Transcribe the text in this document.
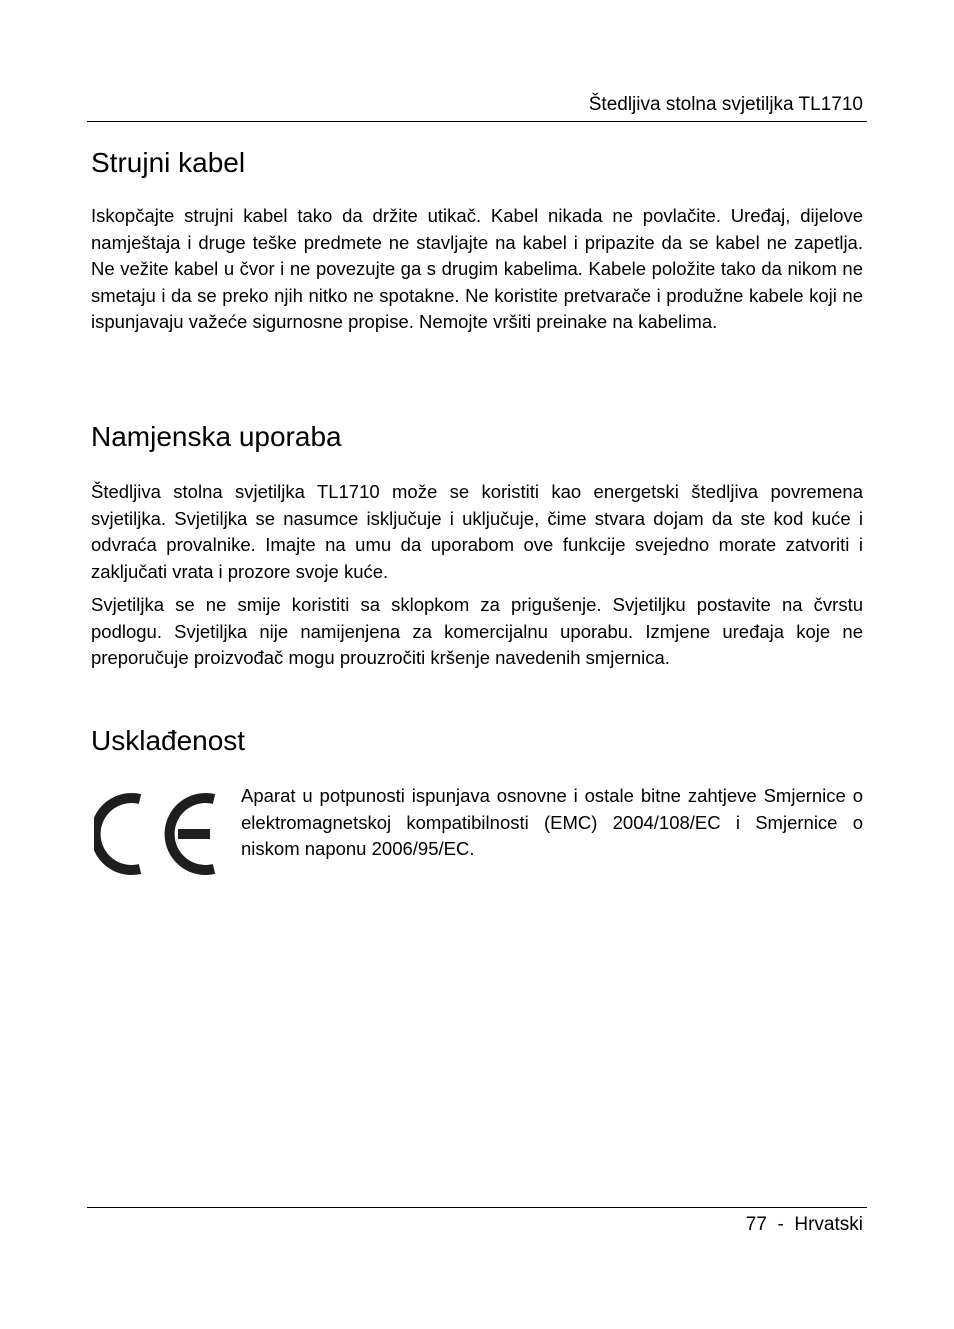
Štedljiva stolna svjetiljka TL1710
Strujni kabel

Iskopčajte strujni kabel tako da držite utikač. Kabel nikada ne povlačite. Uređaj, dijelove namještaja i druge teške predmete ne stavljajte na kabel i pripazite da se kabel ne zapetlja. Ne vežite kabel u čvor i ne povezujte ga s drugim kabelima. Kabele položite tako da nikom ne smetaju i da se preko njih nitko ne spotakne. Ne koristite pretvarače i produžne kabele koji ne ispunjavaju važeće sigurnosne propise. Nemojte vršiti preinake na kabelima.

Namjenska uporaba

Štedljiva stolna svjetiljka TL1710 može se koristiti kao energetski štedljiva povremena svjetiljka. Svjetiljka se nasumce isključuje i uključuje, čime stvara dojam da ste kod kuće i odvraća provalnike. Imajte na umu da uporabom ove funkcije svejedno morate zatvoriti i zaključati vrata i prozore svoje kuće.

Svjetiljka se ne smije koristiti sa sklopkom za prigušenje. Svjetiljku postavite na čvrstu podlogu. Svjetiljka nije namijenjena za komercijalnu uporabu. Izmjene uređaja koje ne preporučuje proizvođač mogu prouzročiti kršenje navedenih smjernica.

Usklađenost

Aparat u potpunosti ispunjava osnovne i ostale bitne zahtjeve Smjernice o elektromagnetskoj kompatibilnosti (EMC) 2004/108/EC i Smjernice o niskom naponu 2006/95/EC.

77 - Hrvatski
